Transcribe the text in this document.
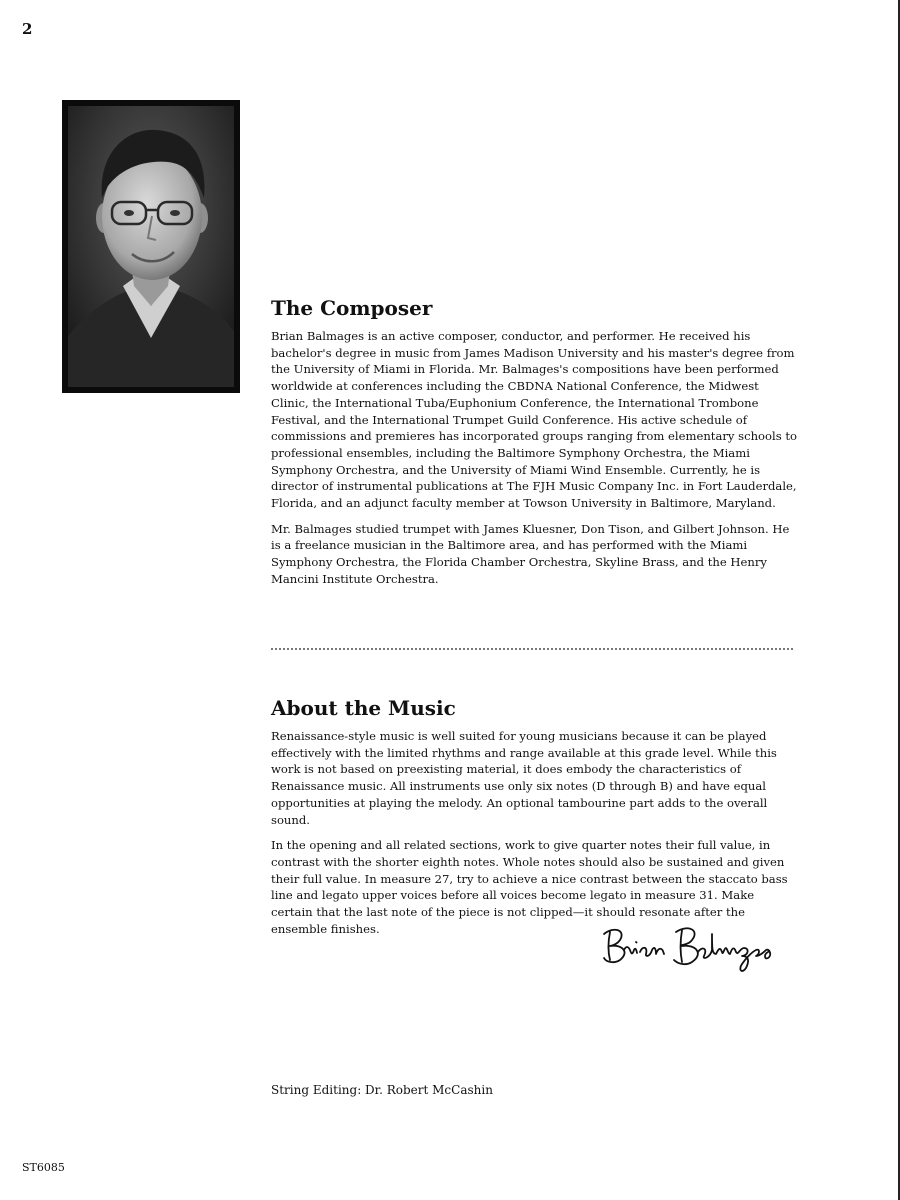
2
The Composer

Brian Balmages is an active composer, conductor, and performer. He received his bachelor's degree in music from James Madison University and his master's degree from the University of Miami in Florida. Mr. Balmages's compositions have been performed worldwide at conferences including the CBDNA National Conference, the Midwest Clinic, the International Tuba/Euphonium Conference, the International Trombone Festival, and the International Trumpet Guild Conference. His active schedule of commissions and premieres has incorporated groups ranging from elementary schools to professional ensembles, including the Baltimore Symphony Orchestra, the Miami Symphony Orchestra, and the University of Miami Wind Ensemble. Currently, he is director of instrumental publications at The FJH Music Company Inc. in Fort Lauderdale, Florida, and an adjunct faculty member at Towson University in Baltimore, Maryland.

Mr. Balmages studied trumpet with James Kluesner, Don Tison, and Gilbert Johnson. He is a freelance musician in the Baltimore area, and has performed with the Miami Symphony Orchestra, the Florida Chamber Orchestra, Skyline Brass, and the Henry Mancini Institute Orchestra.

About the Music

Renaissance-style music is well suited for young musicians because it can be played effectively with the limited rhythms and range available at this grade level. While this work is not based on preexisting material, it does embody the characteristics of Renaissance music. All instruments use only six notes (D through B) and have equal opportunities at playing the melody. An optional tambourine part adds to the overall sound.

In the opening and all related sections, work to give quarter notes their full value, in contrast with the shorter eighth notes. Whole notes should also be sustained and given their full value. In measure 27, try to achieve a nice contrast between the staccato bass line and legato upper voices before all voices become legato in measure 31. Make certain that the last note of the piece is not clipped—it should resonate after the ensemble finishes.

String Editing: Dr. Robert McCashin
ST6085
